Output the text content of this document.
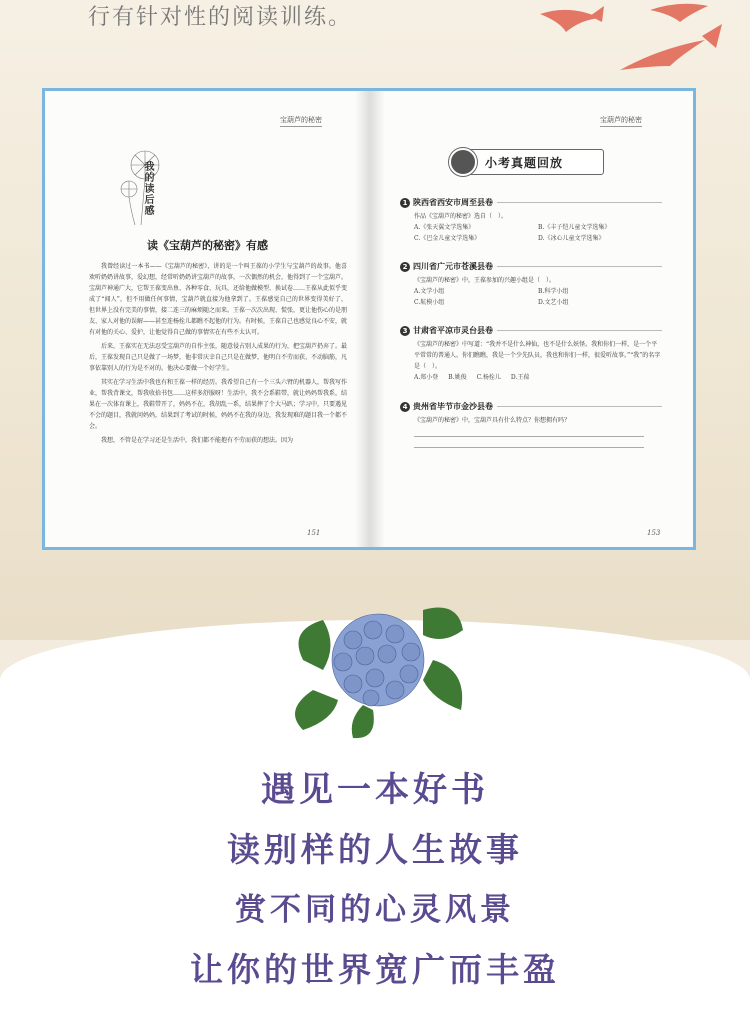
行有针对性的阅读训练。

宝葫芦的秘密
我的读后感
读《宝葫芦的秘密》有感

我曾经读过一本书——《宝葫芦的秘密》，讲的是一个叫王葆的小学生与宝葫芦的故事。他喜欢听奶奶讲故事，爱幻想，经常听奶奶讲宝葫芦的故事。一次偶然的机会，他得到了一个宝葫芦。宝葫芦神通广大，它帮王葆变出鱼、各种零食、玩具，还给他做模型、换试卷……王葆从此似乎变成了“闻人”，但不用做任何事情，宝葫芦就直接为他拿到了。王葆感觉自己的世界变得美好了，但世界上没有完美的事情，接二连三的麻烦随之而来。王葆一次次出现、慌张，更让他伤心的是朋友、家人对他的误解——甚至连杨拴儿都瞧不起他的行为。有时候，王葆自己也感觉良心不安，就有对他的关心、爱护，让他觉得自己做的事情实在有些不太认可。

后来，王葆实在无法忍受宝葫芦的自作主张，随意侵占别人成果的行为，把宝葫芦扔弃了。最后，王葆发现自己只是做了一场梦，他非常庆幸自己只是在做梦，他明白不劳而获、不动脑筋，凡事依靠别人的行为是不对的。他决心要做一个好学生。

其实在学习生活中我也有和王葆一样的经历。我希望自己有一个三头六臂的机器人，帮我写作业，帮我背课文，帮我收拾书包……这样多舒服呀！生活中，我不会系鞋带，就让妈妈帮我系，结果在一次体育课上，我鞋带开了，妈妈不在，我胡乱一系，结果摔了个大马趴；学习中，只要遇见不会的题目，我就问妈妈，结果到了考试的时候，妈妈不在我的身边，我发现难的题目我一个都不会。

我想，不管是在学习还是生活中，我们都不能抱有不劳而获的想法。因为

151
宝葫芦的秘密
小考真题回放
1 陕西省西安市周至县卷
作品《宝葫芦的秘密》选自（　）。
A.《张天翼文学选集》	B.《丰子恺儿童文学选集》
C.《巴金儿童文学选集》	D.《冰心儿童文学选集》
2 四川省广元市苍溪县卷
《宝葫芦的秘密》中，王葆参加的兴趣小组是（　）。
A.文学小组	B.科学小组
C.航模小组	D.文艺小组
3 甘肃省平凉市灵台县卷
《宝葫芦的秘密》中写道：“我并不是什么神仙，也不是什么妖怪。我和你们一样，是一个平平常常的普通人。你们瞧瞧，我是一个少先队员，我也和你们一样，很爱听故事。”“我”的名字是（　）。
A.郑小登 B.姚俊 C.杨拴儿 D.王葆
4 贵州省毕节市金沙县卷
《宝葫芦的秘密》中，宝葫芦具有什么特点？你想拥有吗？
153

遇见一本好书

读别样的人生故事

赏不同的心灵风景

让你的世界宽广而丰盈
